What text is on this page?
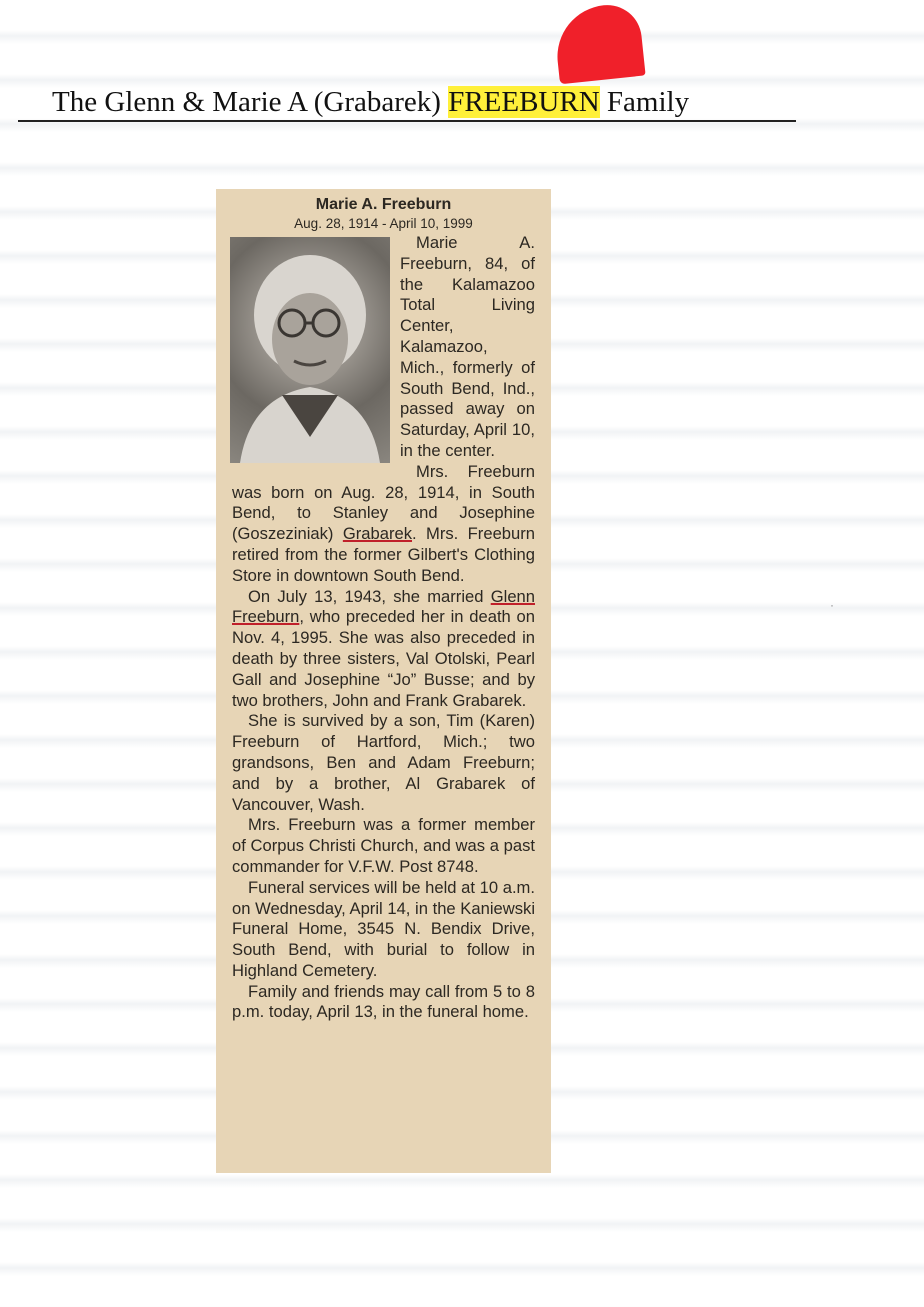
The Glenn & Marie A (Grabarek) FREEBURN Family
Marie A. Freeburn
Aug. 28, 1914 - April 10, 1999

Marie A. Freeburn, 84, of the Kalamazoo Total Living Center, Kalamazoo, Mich., formerly of South Bend, Ind., passed away on Saturday, April 10, in the center.

Mrs. Freeburn was born on Aug. 28, 1914, in South Bend, to Stanley and Josephine (Goszeziniak) Grabarek. Mrs. Freeburn retired from the former Gilbert's Clothing Store in downtown South Bend.

On July 13, 1943, she married Glenn Freeburn, who preceded her in death on Nov. 4, 1995. She was also preceded in death by three sisters, Val Otolski, Pearl Gall and Josephine “Jo” Busse; and by two brothers, John and Frank Grabarek.

She is survived by a son, Tim (Karen) Freeburn of Hartford, Mich.; two grandsons, Ben and Adam Freeburn; and by a brother, Al Grabarek of Vancouver, Wash.

Mrs. Freeburn was a former member of Corpus Christi Church, and was a past commander for V.F.W. Post 8748.

Funeral services will be held at 10 a.m. on Wednesday, April 14, in the Kaniewski Funeral Home, 3545 N. Bendix Drive, South Bend, with burial to follow in Highland Cemetery.

Family and friends may call from 5 to 8 p.m. today, April 13, in the funeral home.

·
